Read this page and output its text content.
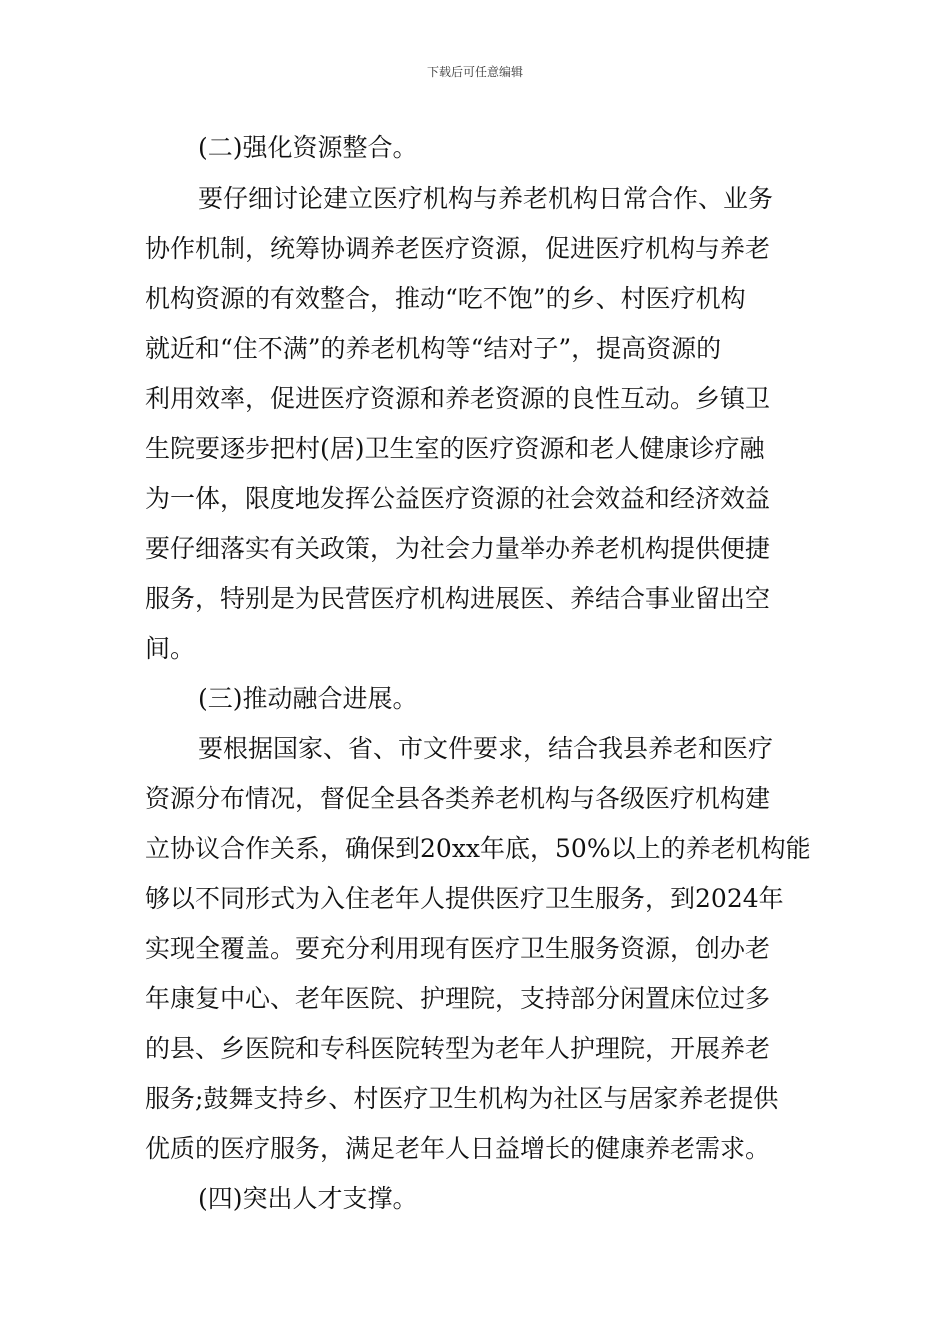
下载后可任意编辑
(二)强化资源整合。
要仔细讨论建立医疗机构与养老机构日常合作、业务
协作机制，统筹协调养老医疗资源，促进医疗机构与养老
机构资源的有效整合，推动“吃不饱”的乡、村医疗机构
就近和“住不满”的养老机构等“结对子”，提高资源的
利用效率，促进医疗资源和养老资源的良性互动。乡镇卫
生院要逐步把村(居)卫生室的医疗资源和老人健康诊疗融
为一体，限度地发挥公益医疗资源的社会效益和经济效益
要仔细落实有关政策，为社会力量举办养老机构提供便捷
服务，特别是为民营医疗机构进展医、养结合事业留出空
间。
(三)推动融合进展。
要根据国家、省、市文件要求，结合我县养老和医疗
资源分布情况，督促全县各类养老机构与各级医疗机构建
立协议合作关系，确保到20xx年底，50%以上的养老机构能
够以不同形式为入住老年人提供医疗卫生服务，到2024年
实现全覆盖。要充分利用现有医疗卫生服务资源，创办老
年康复中心、老年医院、护理院，支持部分闲置床位过多
的县、乡医院和专科医院转型为老年人护理院，开展养老
服务;鼓舞支持乡、村医疗卫生机构为社区与居家养老提供
优质的医疗服务，满足老年人日益增长的健康养老需求。
(四)突出人才支撑。
